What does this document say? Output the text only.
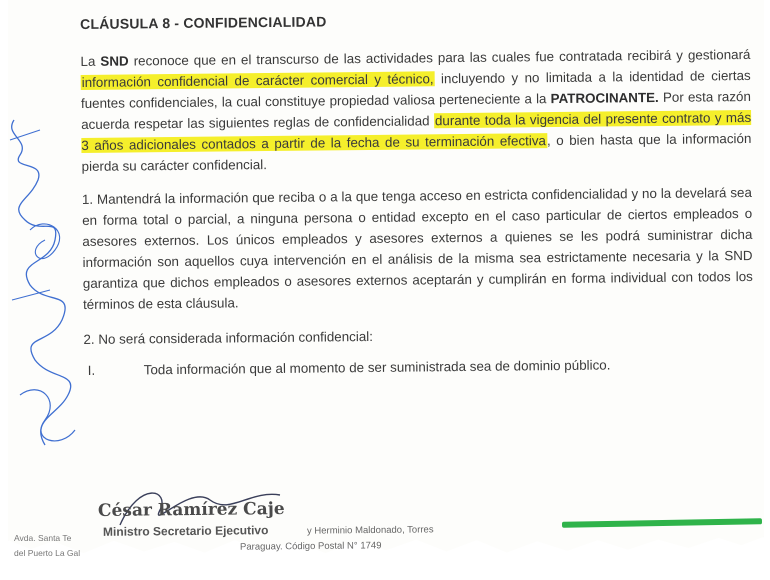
CLÁUSULA 8 - CONFIDENCIALIDAD

La SND reconoce que en el transcurso de las actividades para las cuales fue contratada recibirá y gestionará información confidencial de carácter comercial y técnico, incluyendo y no limitada a la identidad de ciertas fuentes confidenciales, la cual constituye propiedad valiosa perteneciente a la PATROCINANTE. Por esta razón acuerda respetar las siguientes reglas de confidencialidad durante toda la vigencia del presente contrato y más 3 años adicionales contados a partir de la fecha de su terminación efectiva, o bien hasta que la información pierda su carácter confidencial.

1. Mantendrá la información que reciba o a la que tenga acceso en estricta confidencialidad y no la develará sea en forma total o parcial, a ninguna persona o entidad excepto en el caso particular de ciertos empleados o asesores externos. Los únicos empleados y asesores externos a quienes se les podrá suministrar dicha información son aquellos cuya intervención en el análisis de la misma sea estrictamente necesaria y la SND garantiza que dichos empleados o asesores externos aceptarán y cumplirán en forma individual con todos los términos de esta cláusula.

2. No será considerada información confidencial:

I.	Toda información que al momento de ser suministrada sea de dominio público.
César Ramírez Caje
Ministro Secretario Ejecutivo
Avda. Santa Te
del Puerto La Gal
y Herminio Maldonado, Torres
Paraguay. Código Postal N° 1749
